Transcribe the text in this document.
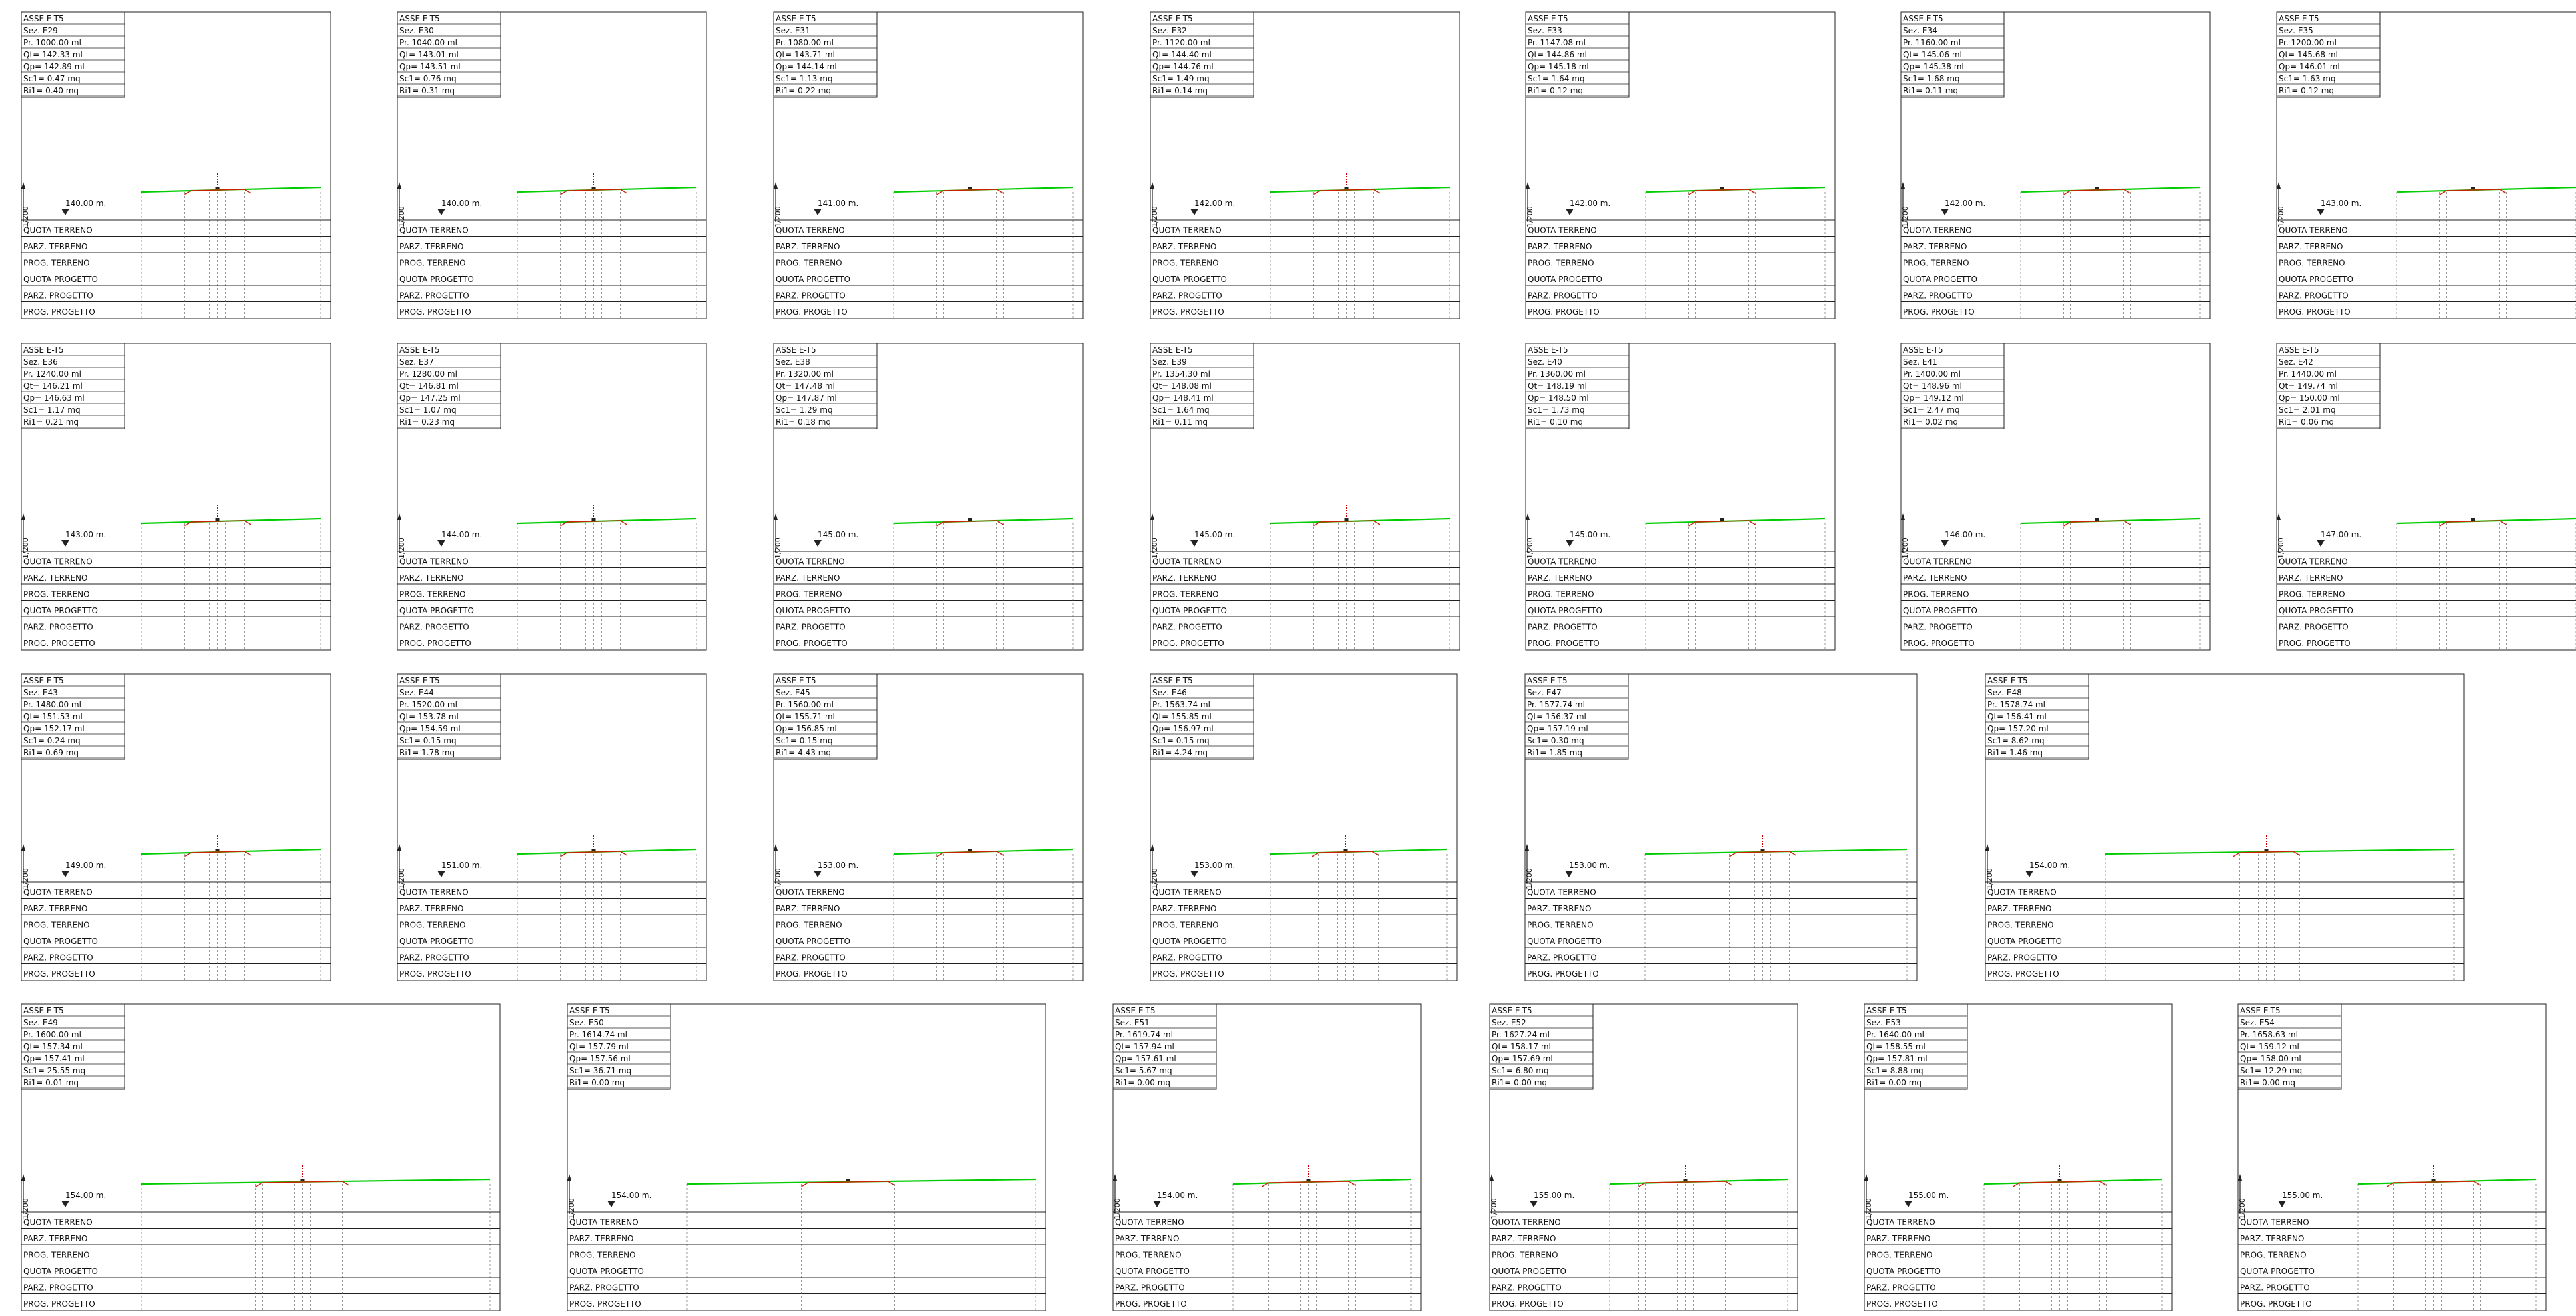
ASSE E-T5
Sez. E29
Pr. 1000.00 ml
Qt= 142.33 ml
Qp= 142.89 ml
Sc1= 0.47 mq
Ri1= 0.40 mq
1/200
140.00 m.
QUOTA TERRENO
PARZ. TERRENO
PROG. TERRENO
QUOTA PROGETTO
PARZ. PROGETTO
PROG. PROGETTO
ASSE E-T5
Sez. E30
Pr. 1040.00 ml
Qt= 143.01 ml
Qp= 143.51 ml
Sc1= 0.76 mq
Ri1= 0.31 mq
1/200
140.00 m.
QUOTA TERRENO
PARZ. TERRENO
PROG. TERRENO
QUOTA PROGETTO
PARZ. PROGETTO
PROG. PROGETTO
ASSE E-T5
Sez. E31
Pr. 1080.00 ml
Qt= 143.71 ml
Qp= 144.14 ml
Sc1= 1.13 mq
Ri1= 0.22 mq
1/200
141.00 m.
QUOTA TERRENO
PARZ. TERRENO
PROG. TERRENO
QUOTA PROGETTO
PARZ. PROGETTO
PROG. PROGETTO
ASSE E-T5
Sez. E32
Pr. 1120.00 ml
Qt= 144.40 ml
Qp= 144.76 ml
Sc1= 1.49 mq
Ri1= 0.14 mq
1/200
142.00 m.
QUOTA TERRENO
PARZ. TERRENO
PROG. TERRENO
QUOTA PROGETTO
PARZ. PROGETTO
PROG. PROGETTO
ASSE E-T5
Sez. E33
Pr. 1147.08 ml
Qt= 144.86 ml
Qp= 145.18 ml
Sc1= 1.64 mq
Ri1= 0.12 mq
1/200
142.00 m.
QUOTA TERRENO
PARZ. TERRENO
PROG. TERRENO
QUOTA PROGETTO
PARZ. PROGETTO
PROG. PROGETTO
ASSE E-T5
Sez. E34
Pr. 1160.00 ml
Qt= 145.06 ml
Qp= 145.38 ml
Sc1= 1.68 mq
Ri1= 0.11 mq
1/200
142.00 m.
QUOTA TERRENO
PARZ. TERRENO
PROG. TERRENO
QUOTA PROGETTO
PARZ. PROGETTO
PROG. PROGETTO
ASSE E-T5
Sez. E35
Pr. 1200.00 ml
Qt= 145.68 ml
Qp= 146.01 ml
Sc1= 1.63 mq
Ri1= 0.12 mq
1/200
143.00 m.
QUOTA TERRENO
PARZ. TERRENO
PROG. TERRENO
QUOTA PROGETTO
PARZ. PROGETTO
PROG. PROGETTO
ASSE E-T5
Sez. E36
Pr. 1240.00 ml
Qt= 146.21 ml
Qp= 146.63 ml
Sc1= 1.17 mq
Ri1= 0.21 mq
1/200
143.00 m.
QUOTA TERRENO
PARZ. TERRENO
PROG. TERRENO
QUOTA PROGETTO
PARZ. PROGETTO
PROG. PROGETTO
ASSE E-T5
Sez. E37
Pr. 1280.00 ml
Qt= 146.81 ml
Qp= 147.25 ml
Sc1= 1.07 mq
Ri1= 0.23 mq
1/200
144.00 m.
QUOTA TERRENO
PARZ. TERRENO
PROG. TERRENO
QUOTA PROGETTO
PARZ. PROGETTO
PROG. PROGETTO
ASSE E-T5
Sez. E38
Pr. 1320.00 ml
Qt= 147.48 ml
Qp= 147.87 ml
Sc1= 1.29 mq
Ri1= 0.18 mq
1/200
145.00 m.
QUOTA TERRENO
PARZ. TERRENO
PROG. TERRENO
QUOTA PROGETTO
PARZ. PROGETTO
PROG. PROGETTO
ASSE E-T5
Sez. E39
Pr. 1354.30 ml
Qt= 148.08 ml
Qp= 148.41 ml
Sc1= 1.64 mq
Ri1= 0.11 mq
1/200
145.00 m.
QUOTA TERRENO
PARZ. TERRENO
PROG. TERRENO
QUOTA PROGETTO
PARZ. PROGETTO
PROG. PROGETTO
ASSE E-T5
Sez. E40
Pr. 1360.00 ml
Qt= 148.19 ml
Qp= 148.50 ml
Sc1= 1.73 mq
Ri1= 0.10 mq
1/200
145.00 m.
QUOTA TERRENO
PARZ. TERRENO
PROG. TERRENO
QUOTA PROGETTO
PARZ. PROGETTO
PROG. PROGETTO
ASSE E-T5
Sez. E41
Pr. 1400.00 ml
Qt= 148.96 ml
Qp= 149.12 ml
Sc1= 2.47 mq
Ri1= 0.02 mq
1/200
146.00 m.
QUOTA TERRENO
PARZ. TERRENO
PROG. TERRENO
QUOTA PROGETTO
PARZ. PROGETTO
PROG. PROGETTO
ASSE E-T5
Sez. E42
Pr. 1440.00 ml
Qt= 149.74 ml
Qp= 150.00 ml
Sc1= 2.01 mq
Ri1= 0.06 mq
1/200
147.00 m.
QUOTA TERRENO
PARZ. TERRENO
PROG. TERRENO
QUOTA PROGETTO
PARZ. PROGETTO
PROG. PROGETTO
ASSE E-T5
Sez. E43
Pr. 1480.00 ml
Qt= 151.53 ml
Qp= 152.17 ml
Sc1= 0.24 mq
Ri1= 0.69 mq
1/200
149.00 m.
QUOTA TERRENO
PARZ. TERRENO
PROG. TERRENO
QUOTA PROGETTO
PARZ. PROGETTO
PROG. PROGETTO
ASSE E-T5
Sez. E44
Pr. 1520.00 ml
Qt= 153.78 ml
Qp= 154.59 ml
Sc1= 0.15 mq
Ri1= 1.78 mq
1/200
151.00 m.
QUOTA TERRENO
PARZ. TERRENO
PROG. TERRENO
QUOTA PROGETTO
PARZ. PROGETTO
PROG. PROGETTO
ASSE E-T5
Sez. E45
Pr. 1560.00 ml
Qt= 155.71 ml
Qp= 156.85 ml
Sc1= 0.15 mq
Ri1= 4.43 mq
1/200
153.00 m.
QUOTA TERRENO
PARZ. TERRENO
PROG. TERRENO
QUOTA PROGETTO
PARZ. PROGETTO
PROG. PROGETTO
ASSE E-T5
Sez. E46
Pr. 1563.74 ml
Qt= 155.85 ml
Qp= 156.97 ml
Sc1= 0.15 mq
Ri1= 4.24 mq
1/200
153.00 m.
QUOTA TERRENO
PARZ. TERRENO
PROG. TERRENO
QUOTA PROGETTO
PARZ. PROGETTO
PROG. PROGETTO
ASSE E-T5
Sez. E47
Pr. 1577.74 ml
Qt= 156.37 ml
Qp= 157.19 ml
Sc1= 0.30 mq
Ri1= 1.85 mq
1/200
153.00 m.
QUOTA TERRENO
PARZ. TERRENO
PROG. TERRENO
QUOTA PROGETTO
PARZ. PROGETTO
PROG. PROGETTO
ASSE E-T5
Sez. E48
Pr. 1578.74 ml
Qt= 156.41 ml
Qp= 157.20 ml
Sc1= 8.62 mq
Ri1= 1.46 mq
1/200
154.00 m.
QUOTA TERRENO
PARZ. TERRENO
PROG. TERRENO
QUOTA PROGETTO
PARZ. PROGETTO
PROG. PROGETTO
ASSE E-T5
Sez. E49
Pr. 1600.00 ml
Qt= 157.34 ml
Qp= 157.41 ml
Sc1= 25.55 mq
Ri1= 0.01 mq
1/200
154.00 m.
QUOTA TERRENO
PARZ. TERRENO
PROG. TERRENO
QUOTA PROGETTO
PARZ. PROGETTO
PROG. PROGETTO
ASSE E-T5
Sez. E50
Pr. 1614.74 ml
Qt= 157.79 ml
Qp= 157.56 ml
Sc1= 36.71 mq
Ri1= 0.00 mq
1/200
154.00 m.
QUOTA TERRENO
PARZ. TERRENO
PROG. TERRENO
QUOTA PROGETTO
PARZ. PROGETTO
PROG. PROGETTO
ASSE E-T5
Sez. E51
Pr. 1619.74 ml
Qt= 157.94 ml
Qp= 157.61 ml
Sc1= 5.67 mq
Ri1= 0.00 mq
1/200
154.00 m.
QUOTA TERRENO
PARZ. TERRENO
PROG. TERRENO
QUOTA PROGETTO
PARZ. PROGETTO
PROG. PROGETTO
ASSE E-T5
Sez. E52
Pr. 1627.24 ml
Qt= 158.17 ml
Qp= 157.69 ml
Sc1= 6.80 mq
Ri1= 0.00 mq
1/200
155.00 m.
QUOTA TERRENO
PARZ. TERRENO
PROG. TERRENO
QUOTA PROGETTO
PARZ. PROGETTO
PROG. PROGETTO
ASSE E-T5
Sez. E53
Pr. 1640.00 ml
Qt= 158.55 ml
Qp= 157.81 ml
Sc1= 8.88 mq
Ri1= 0.00 mq
1/200
155.00 m.
QUOTA TERRENO
PARZ. TERRENO
PROG. TERRENO
QUOTA PROGETTO
PARZ. PROGETTO
PROG. PROGETTO
ASSE E-T5
Sez. E54
Pr. 1658.63 ml
Qt= 159.12 ml
Qp= 158.00 ml
Sc1= 12.29 mq
Ri1= 0.00 mq
1/200
155.00 m.
QUOTA TERRENO
PARZ. TERRENO
PROG. TERRENO
QUOTA PROGETTO
PARZ. PROGETTO
PROG. PROGETTO
